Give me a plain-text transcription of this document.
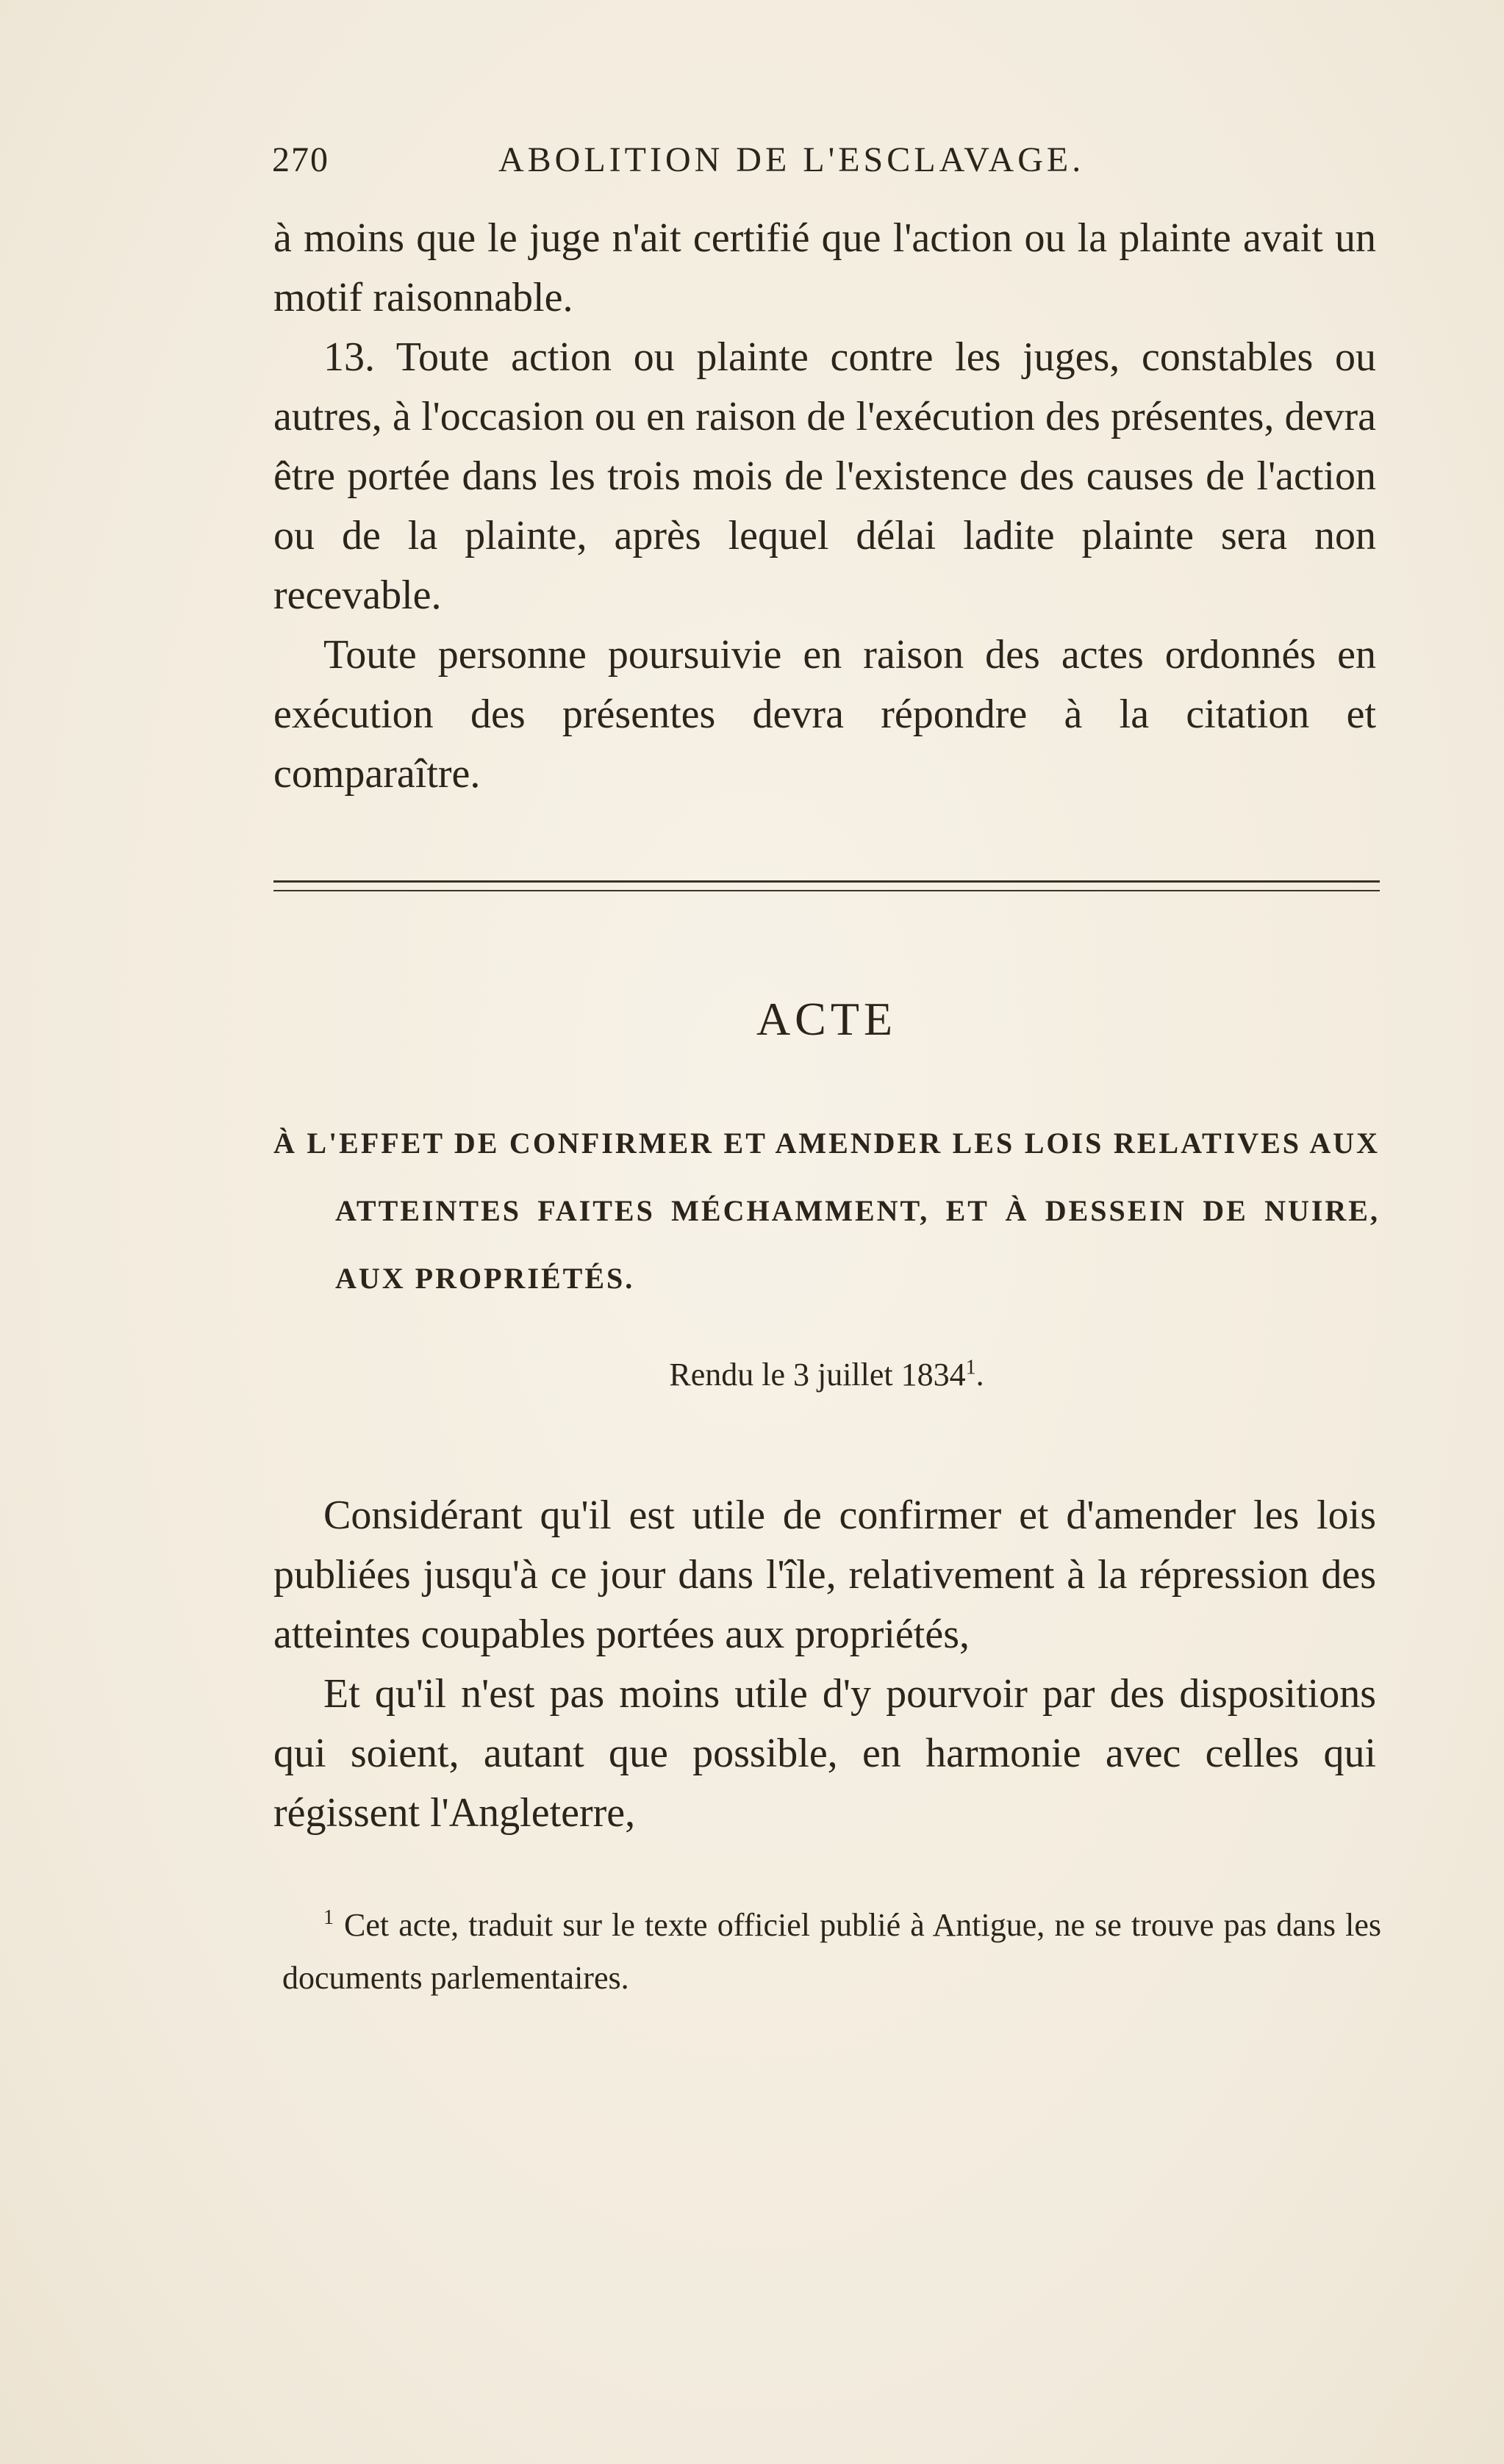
270	ABOLITION DE L'ESCLAVAGE.

à moins que le juge n'ait certifié que l'action ou la plainte avait un motif raisonnable.

13. Toute action ou plainte contre les juges, constables ou autres, à l'occasion ou en raison de l'exécution des présentes, devra être portée dans les trois mois de l'existence des causes de l'action ou de la plainte, après lequel délai ladite plainte sera non recevable.

Toute personne poursuivie en raison des actes ordonnés en exécution des présentes devra répondre à la citation et comparaître.

ACTE
À L'EFFET DE CONFIRMER ET AMENDER LES LOIS RELATIVES AUX ATTEINTES FAITES MÉCHAMMENT, ET À DESSEIN DE NUIRE, AUX PROPRIÉTÉS.
Rendu le 3 juillet 1834$^1$.

Considérant qu'il est utile de confirmer et d'amender les lois publiées jusqu'à ce jour dans l'île, relativement à la répression des atteintes coupables portées aux propriétés,

Et qu'il n'est pas moins utile d'y pourvoir par des dispositions qui soient, autant que possible, en harmonie avec celles qui régissent l'Angleterre,

$^1$ Cet acte, traduit sur le texte officiel publié à Antigue, ne se trouve pas dans les documents parlementaires.
